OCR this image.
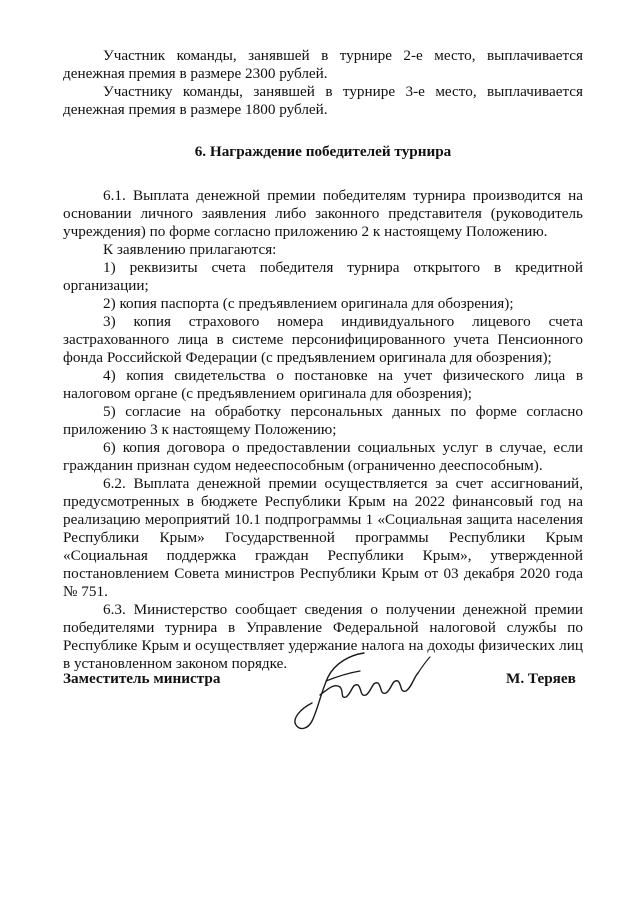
Участник команды, занявшей в турнире 2-е место, выплачивается денежная премия в размере 2300 рублей.

Участнику команды, занявшей в турнире 3-е место, выплачивается денежная премия в размере 1800 рублей.

6. Награждение победителей турнира

6.1. Выплата денежной премии победителям турнира производится на основании личного заявления либо законного представителя (руководитель учреждения) по форме согласно приложению 2 к настоящему Положению.

К заявлению прилагаются:

1) реквизиты счета победителя турнира открытого в кредитной организации;

2) копия паспорта (с предъявлением оригинала для обозрения);

3) копия страхового номера индивидуального лицевого счета застрахованного лица в системе персонифицированного учета Пенсионного фонда Российской Федерации (с предъявлением оригинала для обозрения);

4) копия свидетельства о постановке на учет физического лица в налоговом органе (с предъявлением оригинала для обозрения);

5) согласие на обработку персональных данных по форме согласно приложению 3 к настоящему Положению;

6) копия договора о предоставлении социальных услуг в случае, если гражданин признан судом недееспособным (ограниченно дееспособным).

6.2. Выплата денежной премии осуществляется за счет ассигнований, предусмотренных в бюджете Республики Крым на 2022 финансовый год на реализацию мероприятий 10.1 подпрограммы 1 «Социальная защита населения Республики Крым» Государственной программы Республики Крым «Социальная поддержка граждан Республики Крым», утвержденной постановлением Совета министров Республики Крым от 03 декабря 2020 года № 751.

6.3. Министерство сообщает сведения о получении денежной премии победителями турнира в Управление Федеральной налоговой службы по Республике Крым и осуществляет удержание налога на доходы физических лиц в установленном законом порядке.

Заместитель министра	М. Теряев
